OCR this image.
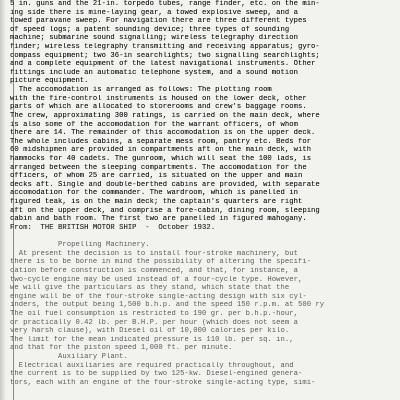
5 in. guns and the 21-in. torpedo tubes, range finder, etc. on the min-
ing side there is mine-laying gear, a towed explosive sweep, and a
towed paravane sweep. For navigation there are three different types
of speed logs; a patent sounding device; three types of sounding
machine; submarine sound signalling; wireless telegraphy direction
finder; wireless telegraphy transmitting and receiving apparatus; gyro-
compass equipment; two 36-in searchlights; two signalling searchlights;
and a complete equipment of the latest navigational instruments. Other
fittings include an automatic telephone system, and a sound motion
picture equipment.
The accomodation is arranged as follows: The plotting room
with the fire-control instruments is housed on the lower deck, other
parts of which are allocated to storerooms and crew's baggage rooms.
The crew, approximating 300 ratings, is carried on the main deck, where
is also some of the accomodation for the warrant officers, of whom
there are 14. The remainder of this accomodation is on the upper deck.
The whole includes cabins, a separate mess room, pantry etc. Beds for
60 midshipmen are provided in compartments aft on the main deck, with
hammocks for 40 cadets. The gunroom, which will seat the 100 lads, is
arranged between the sleeping compartments. The accomodation for the
officers, of whom 25 are carried, is situated on the upper and main
decks aft. Single and double-berthed cabins are provided, with separate
accomodation for the commander. The wardroom, which is panelled in
figured teak, is on the main deck; the captain's quarters are right
aft on the upper deck, and comprise a fore-cabin, dining room, sleeping
cabin and bath room. The first two are panelled in figured mahogany.
From:  THE BRITISH MOTOR SHIP  -  October 1932.
Propelling Machinery.
At present the decision is to install four-stroke machinery, but
there is to be borne in mind the possibility of altering the specifi-
cation before construction is commenced, and that, for instance, a
two-cycle engine may be used instead of a four-cycle type. However,
we will give the particulars as they stand, which state that the
engine will be of the four-stroke single-acting design with six cyl-
inders, the output being 1,500 b.h.p. and the speed 150 r.p.m. at 500 ry
The oil fuel consumption is restricted to 190 gr. per b.h.p.-hour,
or practically 0.42 lb. per B.H.P. per hour (which does not seem a
very harsh clause), with Diesel oil of 10,000 calories per kilo.
The limit for the mean indicated pressure is 110 lb. per sq. in.,
and that for the piston speed 1,000 ft. per minute.
Auxiliary Plant.
Electrical auxiliaries are required practically throughout, and
the current is to be supplied by two 125-kw. Diesel-engined genera-
tors, each with an engine of the four-stroke single-acting type, simi-
